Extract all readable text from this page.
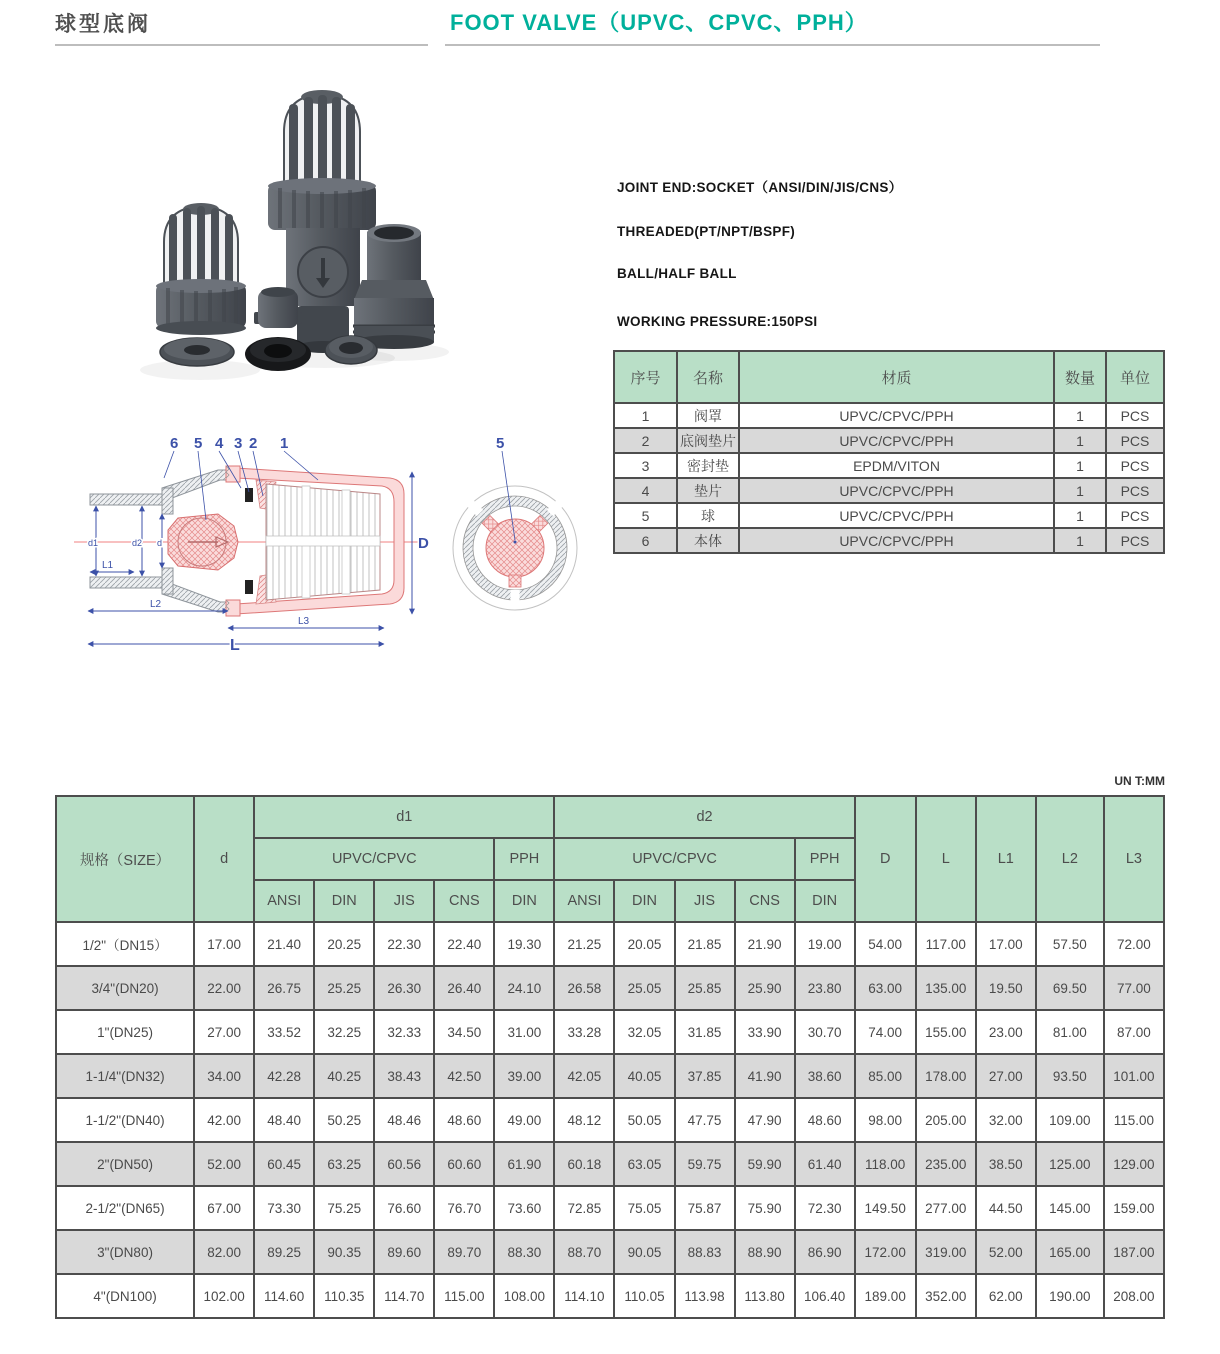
球型底阀	FOOT VALVE（UPVC、CPVC、PPH）
JOINT END:SOCKET（ANSI/DIN/JIS/CNS）
THREADED(PT/NPT/BSPF)
BALL/HALF BALL
WORKING PRESSURE:150PSI
序号	名称	材质	数量	单位
1	阀罩	UPVC/CPVC/PPH	1	PCS
2	底阀垫片	UPVC/CPVC/PPH	1	PCS
3	密封垫	EPDM/VITON	1	PCS
4	垫片	UPVC/CPVC/PPH	1	PCS
5	球	UPVC/CPVC/PPH	1	PCS
6	本体	UPVC/CPVC/PPH	1	PCS
6 5 4 3 2 1
D
L
L3
L2
L1
d1	d2 d
5
UN T:MM
规格（SIZE）	d	d1					d2					D	L	L1	L2	L3
		UPVC/CPVC				PPH	UPVC/CPVC				PPH					
		ANSI	DIN	JIS	CNS	DIN	ANSI	DIN	JIS	CNS	DIN					
1/2"（DN15）	17.00	21.40	20.25	22.30	22.40	19.30	21.25	20.05	21.85	21.90	19.00	54.00	117.00	17.00	57.50	72.00
3/4"(DN20)	22.00	26.75	25.25	26.30	26.40	24.10	26.58	25.05	25.85	25.90	23.80	63.00	135.00	19.50	69.50	77.00
1"(DN25)	27.00	33.52	32.25	32.33	34.50	31.00	33.28	32.05	31.85	33.90	30.70	74.00	155.00	23.00	81.00	87.00
1-1/4"(DN32)	34.00	42.28	40.25	38.43	42.50	39.00	42.05	40.05	37.85	41.90	38.60	85.00	178.00	27.00	93.50	101.00
1-1/2"(DN40)	42.00	48.40	50.25	48.46	48.60	49.00	48.12	50.05	47.75	47.90	48.60	98.00	205.00	32.00	109.00	115.00
2"(DN50)	52.00	60.45	63.25	60.56	60.60	61.90	60.18	63.05	59.75	59.90	61.40	118.00	235.00	38.50	125.00	129.00
2-1/2"(DN65)	67.00	73.30	75.25	76.60	76.70	73.60	72.85	75.05	75.87	75.90	72.30	149.50	277.00	44.50	145.00	159.00
3"(DN80)	82.00	89.25	90.35	89.60	89.70	88.30	88.70	90.05	88.83	88.90	86.90	172.00	319.00	52.00	165.00	187.00
4"(DN100)	102.00	114.60	110.35	114.70	115.00	108.00	114.10	110.05	113.98	113.80	106.40	189.00	352.00	62.00	190.00	208.00
